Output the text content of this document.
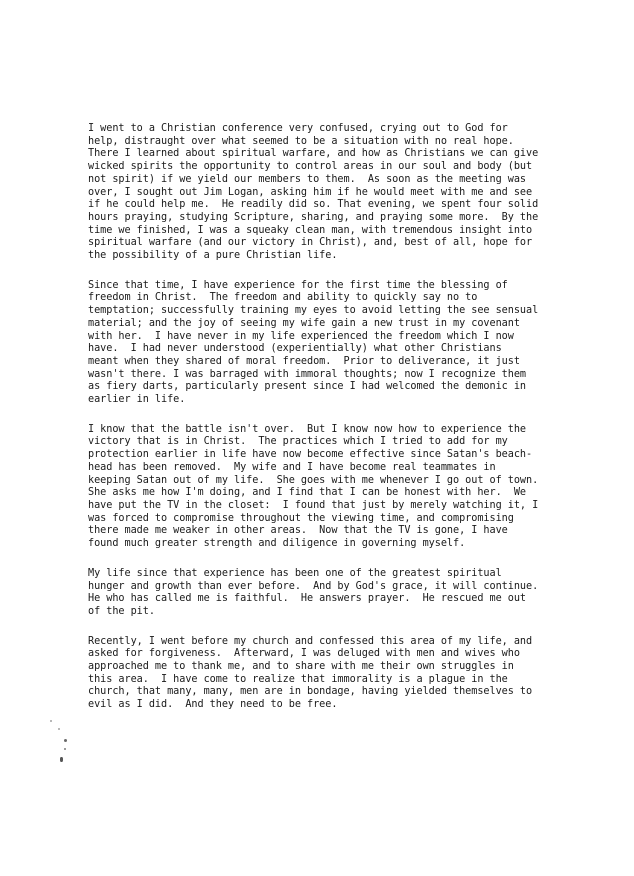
I went to a Christian conference very confused, crying out to God for
help, distraught over what seemed to be a situation with no real hope.
There I learned about spiritual warfare, and how as Christians we can give
wicked spirits the opportunity to control areas in our soul and body (but
not spirit) if we yield our members to them.  As soon as the meeting was
over, I sought out Jim Logan, asking him if he would meet with me and see
if he could help me.  He readily did so. That evening, we spent four solid
hours praying, studying Scripture, sharing, and praying some more.  By the
time we finished, I was a squeaky clean man, with tremendous insight into
spiritual warfare (and our victory in Christ), and, best of all, hope for
the possibility of a pure Christian life.
Since that time, I have experience for the first time the blessing of
freedom in Christ.  The freedom and ability to quickly say no to
temptation; successfully training my eyes to avoid letting the see sensual
material; and the joy of seeing my wife gain a new trust in my covenant
with her.  I have never in my life experienced the freedom which I now
have.  I had never understood (experientially) what other Christians
meant when they shared of moral freedom.  Prior to deliverance, it just
wasn't there. I was barraged with immoral thoughts; now I recognize them
as fiery darts, particularly present since I had welcomed the demonic in
earlier in life.
I know that the battle isn't over.  But I know now how to experience the
victory that is in Christ.  The practices which I tried to add for my
protection earlier in life have now become effective since Satan's beach-
head has been removed.  My wife and I have become real teammates in
keeping Satan out of my life.  She goes with me whenever I go out of town.
She asks me how I'm doing, and I find that I can be honest with her.  We
have put the TV in the closet:  I found that just by merely watching it, I
was forced to compromise throughout the viewing time, and compromising
there made me weaker in other areas.  Now that the TV is gone, I have
found much greater strength and diligence in governing myself.
My life since that experience has been one of the greatest spiritual
hunger and growth than ever before.  And by God's grace, it will continue.
He who has called me is faithful.  He answers prayer.  He rescued me out
of the pit.
Recently, I went before my church and confessed this area of my life, and
asked for forgiveness.  Afterward, I was deluged with men and wives who
approached me to thank me, and to share with me their own struggles in
this area.  I have come to realize that immorality is a plague in the
church, that many, many, men are in bondage, having yielded themselves to
evil as I did.  And they need to be free.
